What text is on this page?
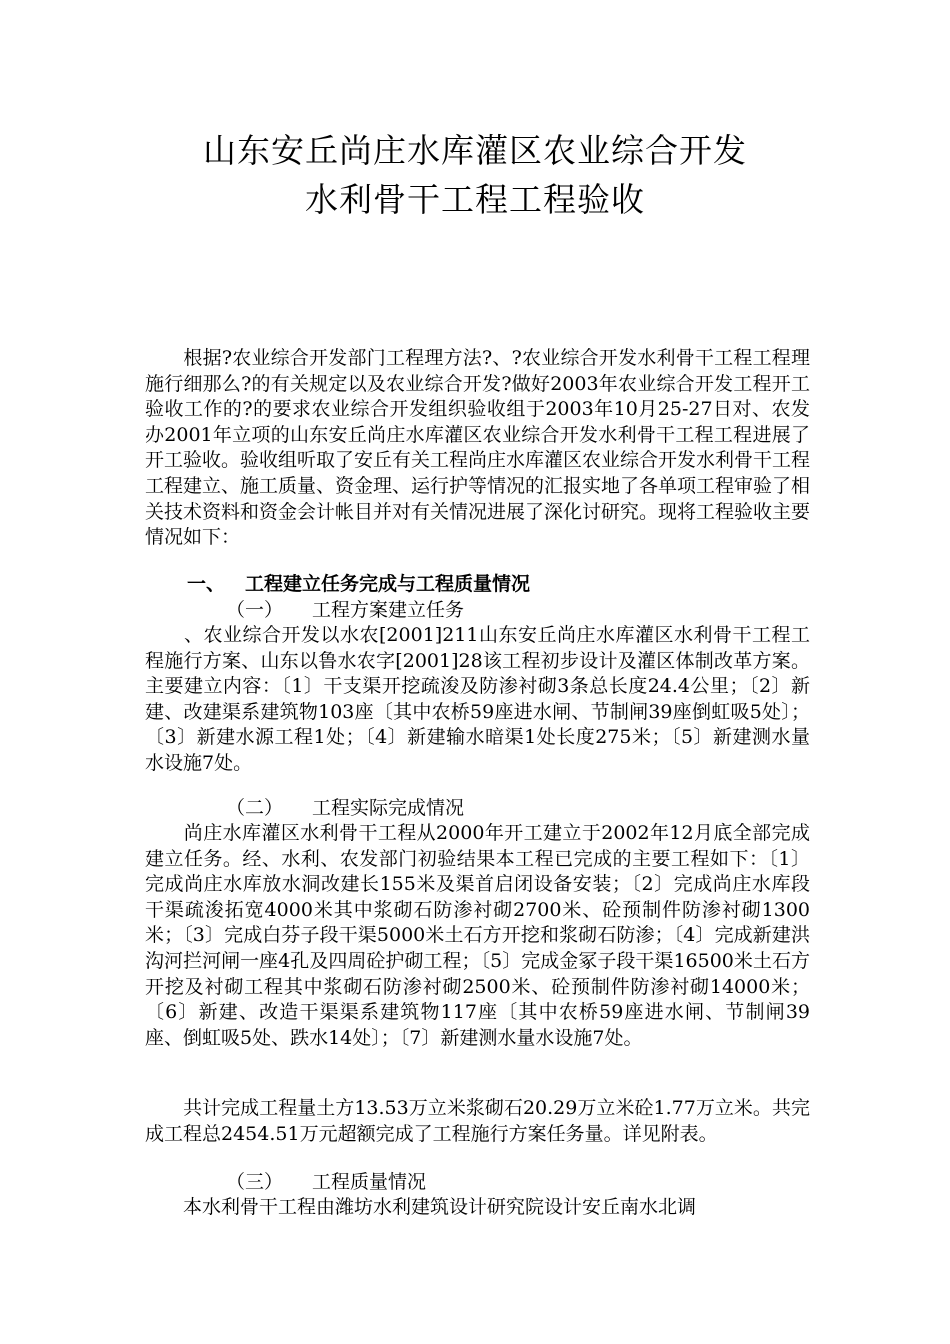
山东安丘尚庄水库灌区农业综合开发
水利骨干工程工程验收

　　根据?农业综合开发部门工程理方法?、?农业综合开发水利骨干工程工程理施行细那么?的有关规定以及农业综合开发?做好2003年农业综合开发工程开工验收工作的?的要求农业综合开发组织验收组于2003年10月25-27日对、农发办2001年立项的山东安丘尚庄水库灌区农业综合开发水利骨干工程工程进展了开工验收。验收组听取了安丘有关工程尚庄水库灌区农业综合开发水利骨干工程工程建立、施工质量、资金理、运行护等情况的汇报实地了各单项工程审验了相关技术资料和资金会计帐目并对有关情况进展了深化讨研究。现将工程验收主要情况如下：

一、 工程建立任务完成与工程质量情况

（一） 工程方案建立任务

　　、农业综合开发以水农[2001]211山东安丘尚庄水库灌区水利骨干工程工程施行方案、山东以鲁水农字[2001]28该工程初步设计及灌区体制改革方案。主要建立内容：〔1〕干支渠开挖疏浚及防渗衬砌3条总长度24.4公里；〔2〕新建、改建渠系建筑物103座〔其中农桥59座进水闸、节制闸39座倒虹吸5处〕；〔3〕新建水源工程1处；〔4〕新建输水暗渠1处长度275米；〔5〕新建测水量水设施7处。

（二） 工程实际完成情况

　　尚庄水库灌区水利骨干工程从2000年开工建立于2002年12月底全部完成建立任务。经、水利、农发部门初验结果本工程已完成的主要工程如下：〔1〕完成尚庄水库放水洞改建长155米及渠首启闭设备安装；〔2〕完成尚庄水库段干渠疏浚拓宽4000米其中浆砌石防渗衬砌2700米、砼预制件防渗衬砌1300米；〔3〕完成白芬子段干渠5000米土石方开挖和浆砌石防渗；〔4〕完成新建洪沟河拦河闸一座4孔及四周砼护砌工程；〔5〕完成金冢子段干渠16500米土石方开挖及衬砌工程其中浆砌石防渗衬砌2500米、砼预制件防渗衬砌14000米；〔6〕新建、改造干渠渠系建筑物117座〔其中农桥59座进水闸、节制闸39座、倒虹吸5处、跌水14处〕；〔7〕新建测水量水设施7处。

　　共计完成工程量土方13.53万立米浆砌石20.29万立米砼1.77万立米。共完成工程总2454.51万元超额完成了工程施行方案任务量。详见附表。

（三） 工程质量情况

　　本水利骨干工程由潍坊水利建筑设计研究院设计安丘南水北调
